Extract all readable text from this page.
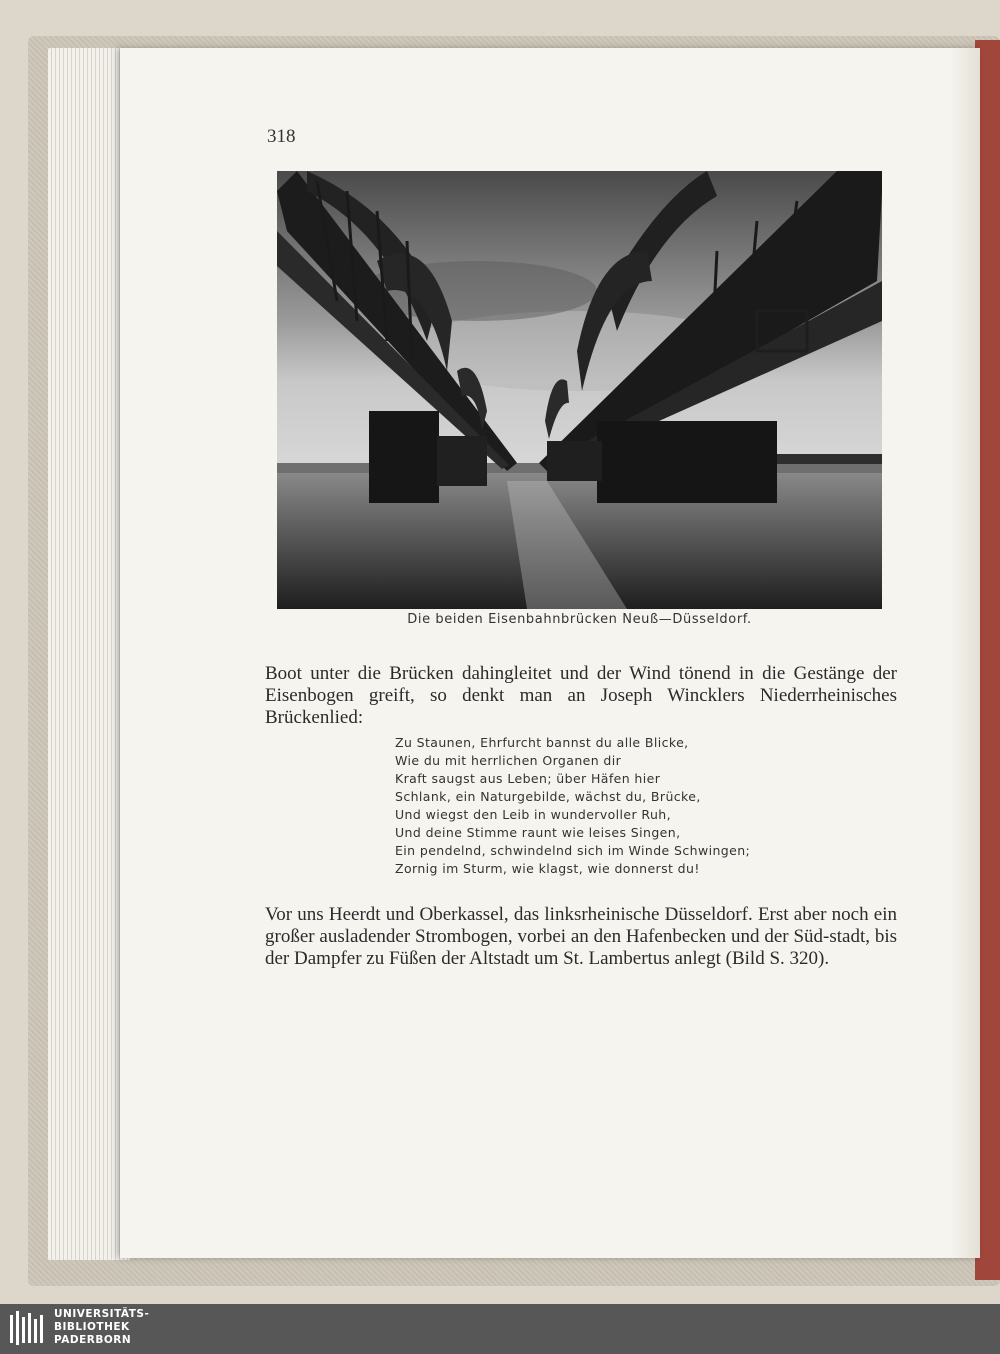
318
Die beiden Eisenbahnbrücken Neuß—Düsseldorf.
Boot unter die Brücken dahingleitet und der Wind tönend in die Gestänge der Eisenbogen greift, so denkt man an Joseph Wincklers Niederrheinisches Brückenlied:
Zu Staunen, Ehrfurcht bannst du alle Blicke,
Wie du mit herrlichen Organen dir
Kraft saugst aus Leben; über Häfen hier
Schlank, ein Naturgebilde, wächst du, Brücke,
Und wiegst den Leib in wundervoller Ruh,
Und deine Stimme raunt wie leises Singen,
Ein pendelnd, schwindelnd sich im Winde Schwingen;
Zornig im Sturm, wie klagst, wie donnerst du!
Vor uns Heerdt und Oberkassel, das linksrheinische Düsseldorf. Erst aber noch ein großer ausladender Strombogen, vorbei an den Hafenbecken und der Süd-stadt, bis der Dampfer zu Füßen der Altstadt um St. Lambertus anlegt (Bild S. 320).
UNIVERSITÄTS-
BIBLIOTHEK
PADERBORN
